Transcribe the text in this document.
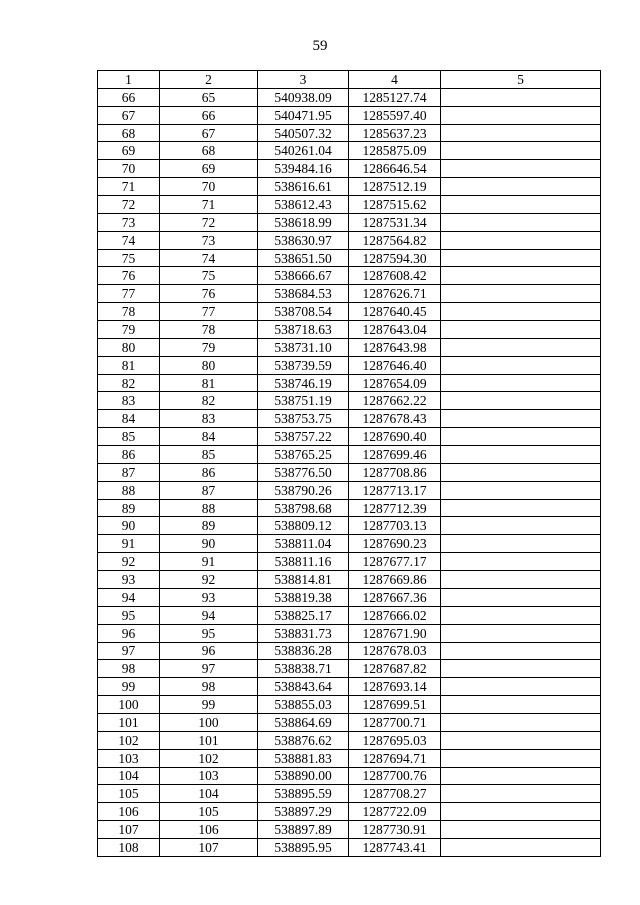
59
1	2	3	4	5
66	65	540938.09	1285127.74	
67	66	540471.95	1285597.40	
68	67	540507.32	1285637.23	
69	68	540261.04	1285875.09	
70	69	539484.16	1286646.54	
71	70	538616.61	1287512.19	
72	71	538612.43	1287515.62	
73	72	538618.99	1287531.34	
74	73	538630.97	1287564.82	
75	74	538651.50	1287594.30	
76	75	538666.67	1287608.42	
77	76	538684.53	1287626.71	
78	77	538708.54	1287640.45	
79	78	538718.63	1287643.04	
80	79	538731.10	1287643.98	
81	80	538739.59	1287646.40	
82	81	538746.19	1287654.09	
83	82	538751.19	1287662.22	
84	83	538753.75	1287678.43	
85	84	538757.22	1287690.40	
86	85	538765.25	1287699.46	
87	86	538776.50	1287708.86	
88	87	538790.26	1287713.17	
89	88	538798.68	1287712.39	
90	89	538809.12	1287703.13	
91	90	538811.04	1287690.23	
92	91	538811.16	1287677.17	
93	92	538814.81	1287669.86	
94	93	538819.38	1287667.36	
95	94	538825.17	1287666.02	
96	95	538831.73	1287671.90	
97	96	538836.28	1287678.03	
98	97	538838.71	1287687.82	
99	98	538843.64	1287693.14	
100	99	538855.03	1287699.51	
101	100	538864.69	1287700.71	
102	101	538876.62	1287695.03	
103	102	538881.83	1287694.71	
104	103	538890.00	1287700.76	
105	104	538895.59	1287708.27	
106	105	538897.29	1287722.09	
107	106	538897.89	1287730.91	
108	107	538895.95	1287743.41	
